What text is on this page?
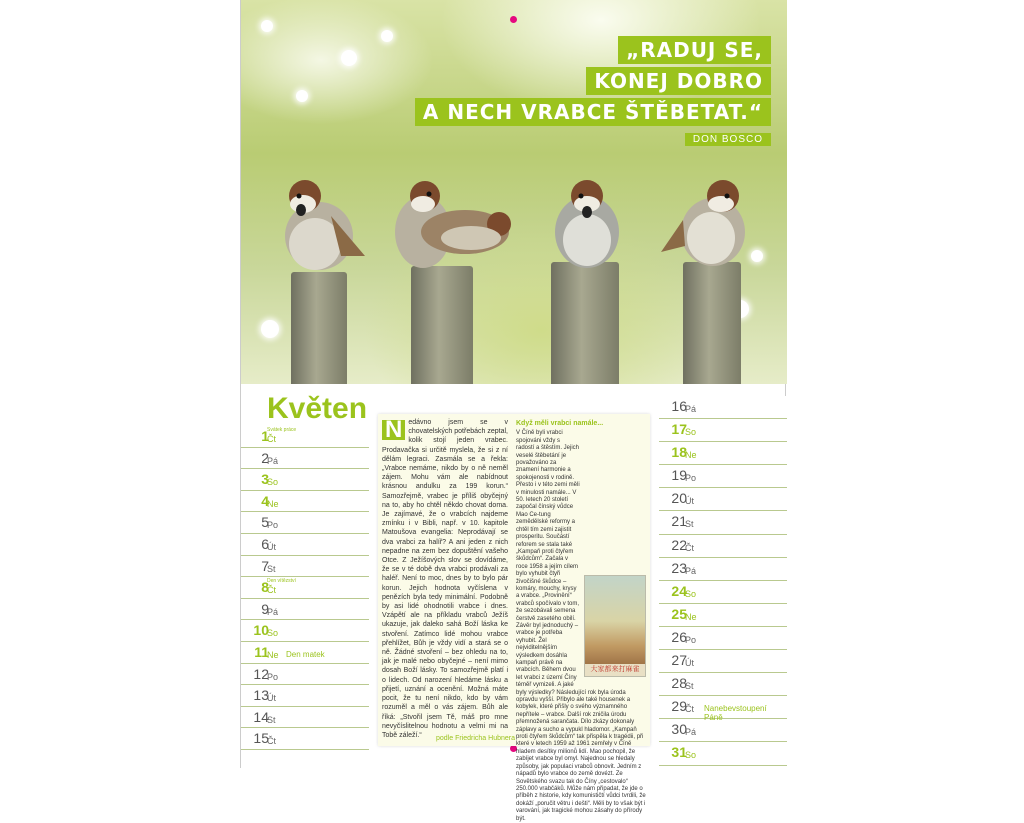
„RADUJ SE,
KONEJ DOBRO
A NECH VRABCE ŠTĚBETAT.“
DON BOSCO
Květen
1
Čt
Svátek práce
2
Pá
3
So
4
Ne
5
Po
6
Út
7
St
8
Čt
Den vítězství
9
Pá
10
So
11
Ne Den matek
12
Po
13
Út
14
St
15
Čt
N edávno jsem se v chovatelských potřebách zeptal, kolik stojí jeden vrabec. Prodavačka si určitě myslela, že si z ní dělám legraci. Zasmála se a řekla: „Vrabce nemáme, nikdo by o ně neměl zájem. Mohu vám ale nabídnout krásnou andulku za 199 korun.“ Samozřejmě, vrabec je příliš obyčejný na to, aby ho chtěl někdo chovat doma. Je zajímavé, že o vrabcích najdeme zmínku i v Bibli, např. v 10. kapitole Matoušova evangelia: Neprodávají se dva vrabci za halíř? A ani jeden z nich nepadne na zem bez dopuštění vašeho Otce. Z Ježíšových slov se dovídáme, že se v té době dva vrabci prodávali za haléř. Není to moc, dnes by to bylo pár korun. Jejich hodnota vyčíslena v penězích byla tedy minimální. Podobně by asi lidé ohodnotili vrabce i dnes. Vzápětí ale na příkladu vrabců Ježíš ukazuje, jak daleko sahá Boží láska ke stvoření. Zatímco lidé mohou vrabce přehlížet, Bůh je vždy vidí a stará se o ně. Žádné stvoření – bez ohledu na to, jak je malé nebo obyčejné – není mimo dosah Boží lásky. To samozřejmě platí i o lidech. Od narození hledáme lásku a přijetí, uznání a ocenění. Možná máte pocit, že tu není nikdo, kdo by vám rozuměl a měl o vás zájem. Bůh ale říká: „Stvořil jsem Tě, máš pro mne nevyčíslitelnou hodnotu a velmi mi na Tobě záleží.“	podle Friedricha Hubnera
Když měli vrabci namále...
V Číně byli vrabci spojováni vždy s radostí a štěstím. Jejich veselé štěbetání je považováno za znamení harmonie a spokojenosti v rodině. Přesto i v této zemi měli v minulosti namále... V 50. letech 20 století započal čínský vůdce Mao Ce-tung zemědělské reformy a chtěl tím zemi zajistit prosperitu. Součástí reforem se stala také „Kampaň proti čtyřem škůdcům“. Začala v roce 1958 a jejím cílem bylo vyhubit čtyři živočišné škůdce – komáry, mouchy, krysy a vrabce. „Provinění“ vrabců spočívalo v tom, že sezobávali semena čerstvě zasetého obilí. Závěr byl jednoduchý – vrabce je potřeba vyhubit. Žel nejviditelnějším výsledkem dosáhla kampaň právě na vrabcích. Během dvou let vrabci z území Číny téměř vymizeli. A jaké byly výsledky? Následující rok byla úroda opravdu vyšší. Přibylo ale také housenek a kobylek, které přišly o svého významného nepřítele – vrabce. Další rok zničila úrodu přemnožená sarančata. Dílo zkázy dokonaly záplavy a sucho a vypukl hladomor. „Kampaň proti čtyřem škůdcům“ tak přispěla k tragédii, při které v letech 1959 až 1961 zemřely v Číně hladem desítky milionů lidí. Mao pochopil, že zabíjet vrabce byl omyl. Najednou se hledaly způsoby, jak populaci vrabců obnovit. Jedním z nápadů bylo vrabce do země dovézt. Ze Sovětského svazu tak do Číny „cestovalo“ 250.000 vrabčáků. Může nám připadat, že jde o příběh z historie, kdy komunističtí vůdci tvrdili, že dokáží „poručit větru i dešti“. Měli by to však být i varování, jak tragické mohou zásahy do přírody být.
大家都来打麻雀
16
Pá
17
So
18
Ne
19
Po
20
Út
21
St
22
Čt
23
Pá
24
So
25
Ne
26
Po
27
Út
28
St
29
Čt Nanebevstoupení Páně
30
Pá
31
So
